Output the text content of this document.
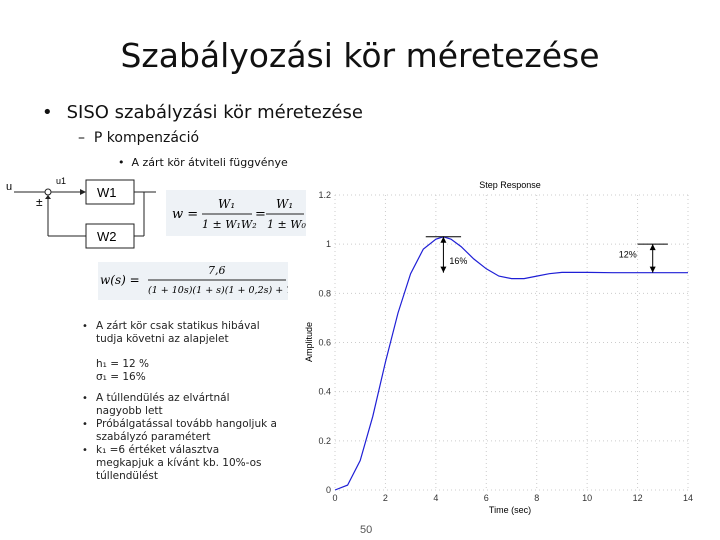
Szabályozási kör méretezése
• SISO szabályzási kör méretezése
– P kompenzáció
• A zárt kör átviteli függvénye
u	u1
±
W1
W2
w =
W₁
1 ± W₁W₂
=
W₁
1 ± W₀
w(s) =
7,6
(1 + 10s)(1 + s)(1 + 0,2s) + 7,6
• A zárt kör csak statikus hibával tudja követni az alapjelet
h₁ = 12 %
σ₁ = 16%
• A túllendülés az elvártnál nagyobb lett
• Próbálgatással tovább hangoljuk a szabályzó paramétert
• k₁ =6 értéket választva megkapjuk a kívánt kb. 10%-os túllendülést
Step Response
Time (sec)
Amplitude
0
0.2
0.4
0.6
0.8
1
1.2
0	2	4	6	8	10	12	14
16%
12%
50
